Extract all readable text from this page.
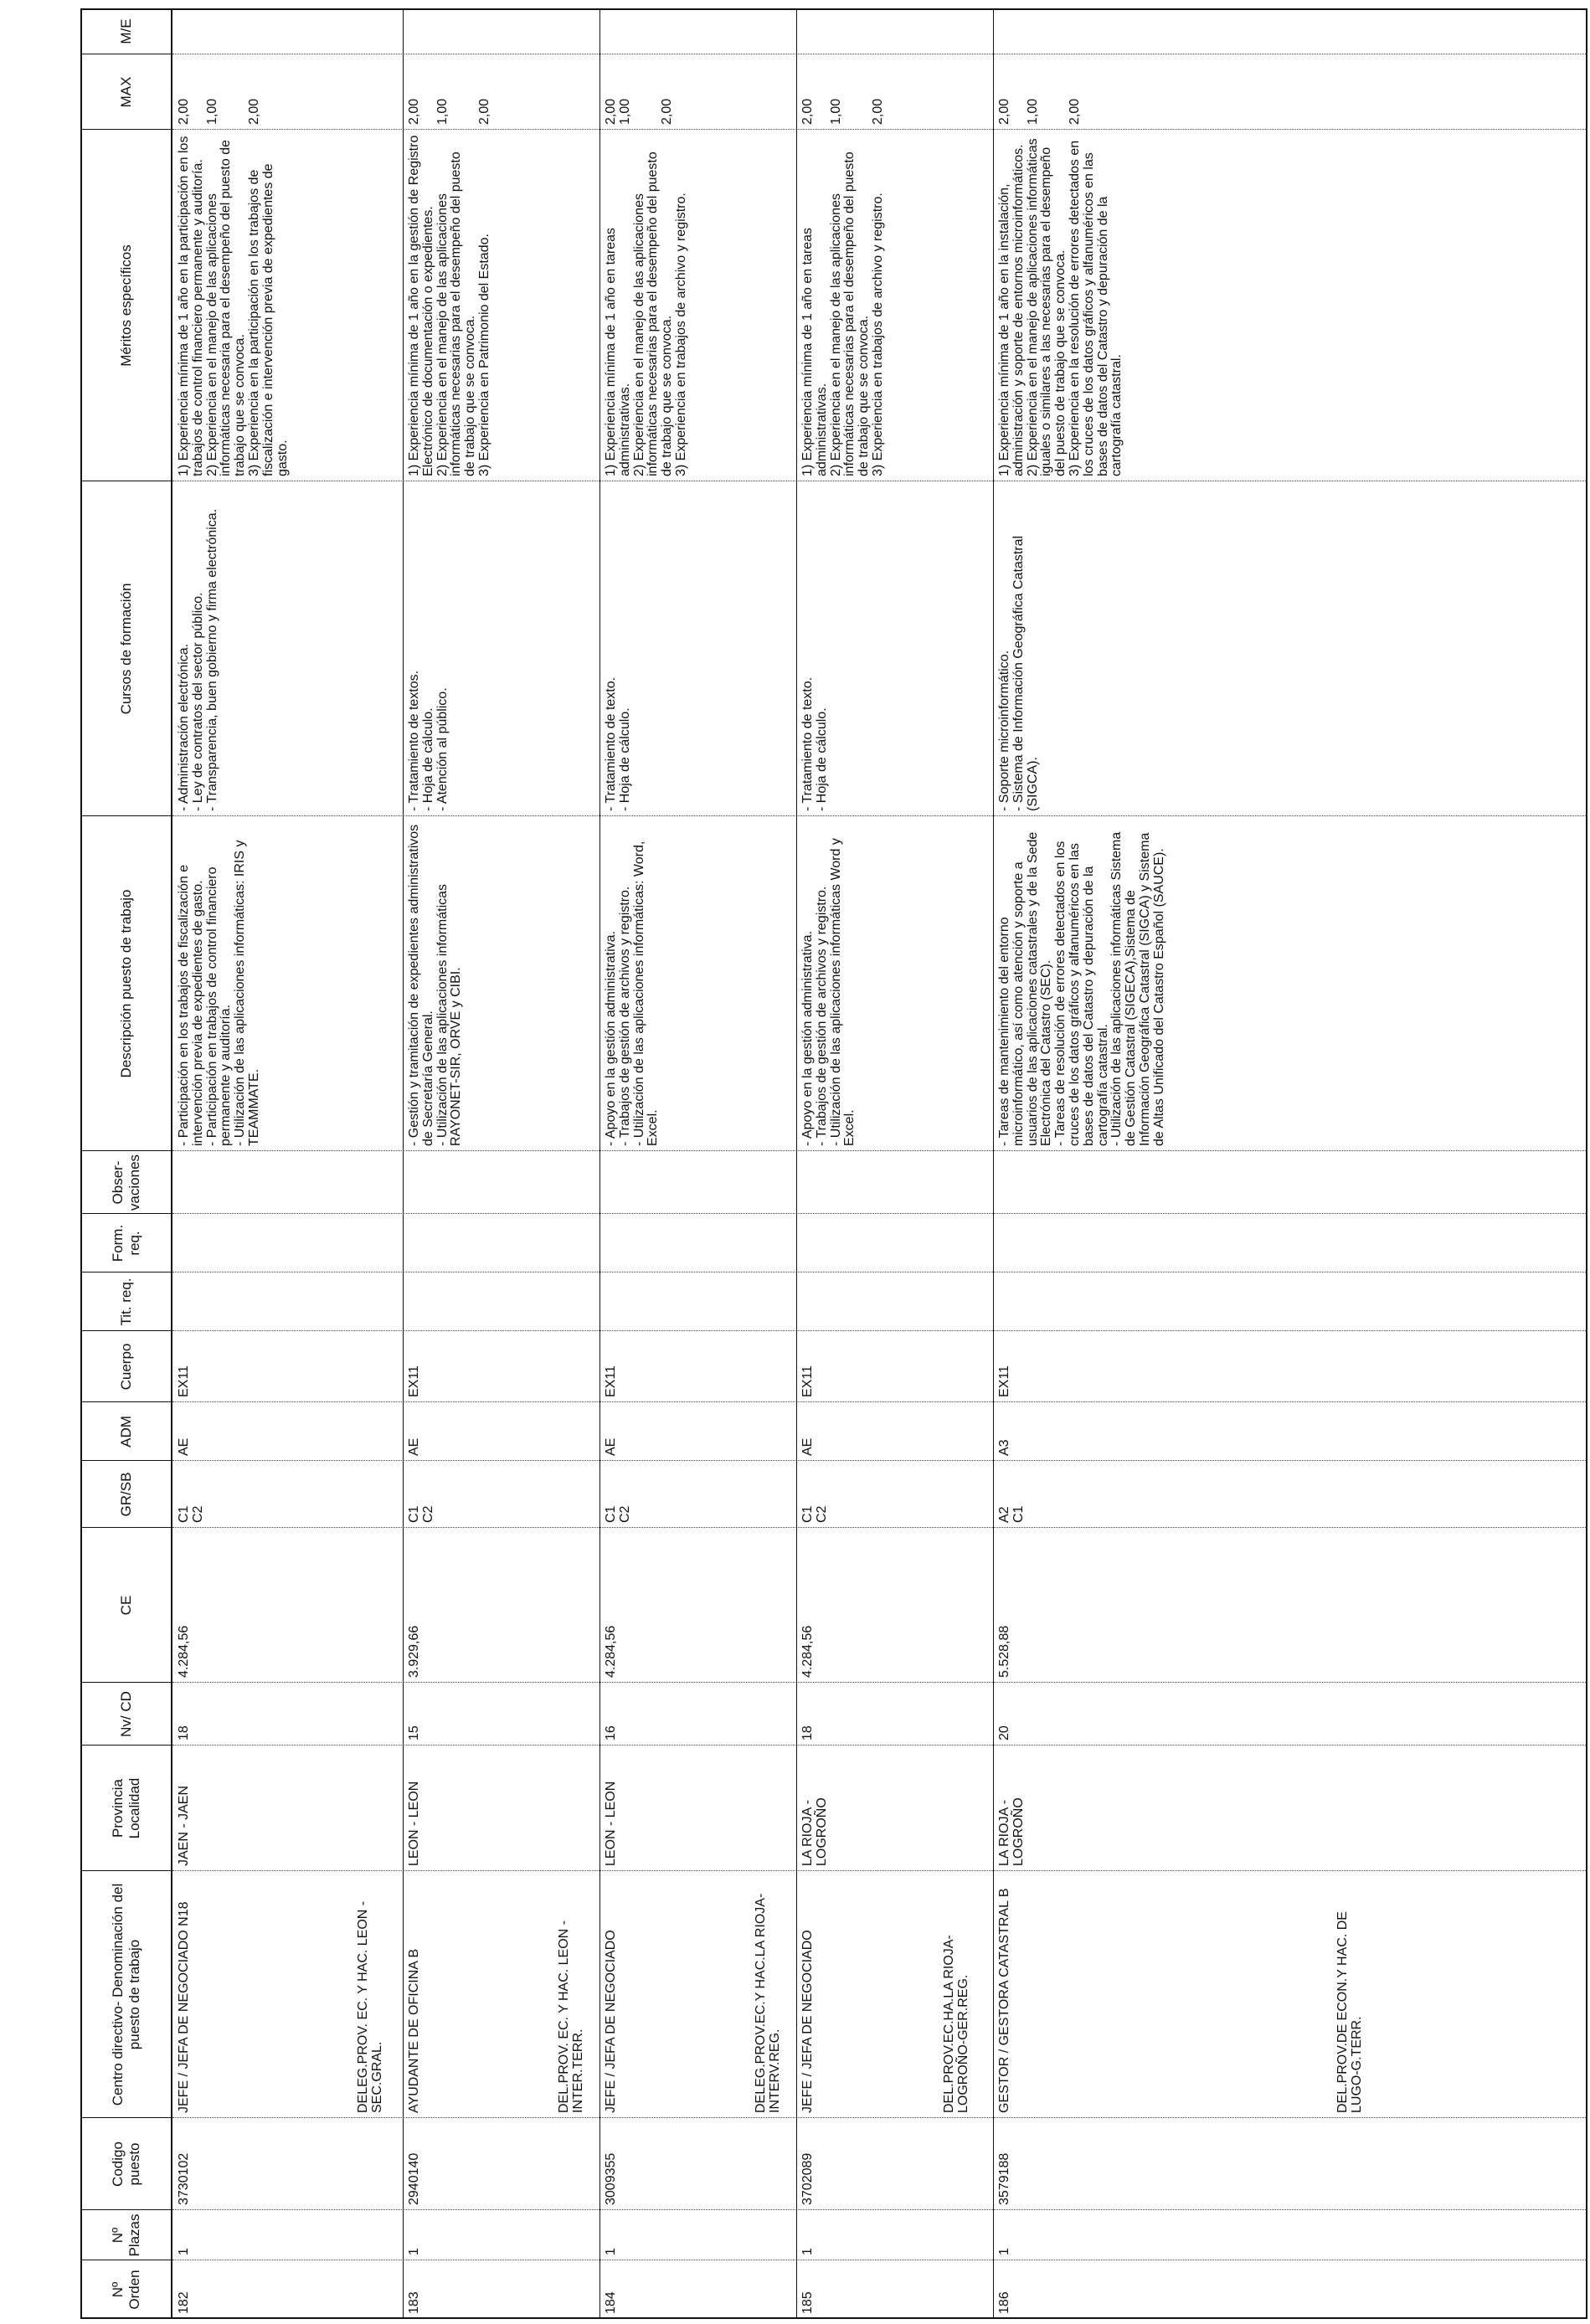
Nº Orden
Nº Plazas
Codigo puesto
Centro directivo- Denominación del puesto de trabajo
Provincia Localidad
Nv/ CD
CE
GR/SB
ADM
Cuerpo
Tit. req.
Form. req.
Obser- vaciones
Descripción puesto de trabajo
Cursos de formación
Méritos específicos
MAX
M/E
182
1
3730102
JEFE / JEFA DE NEGOCIADO N18
JAEN - JAEN
18
4.284,56
C1
C2
AE
EX11
- Participación en los trabajos de fiscalización e intervención previa de expedientes de gasto.
- Participación en trabajos de control financiero permanente y auditoría.
- Utilización de las aplicaciones informáticas: IRIS y TEAMMATE.
- Administración electrónica.
- Ley de contratos del sector público.
- Transparencia, buen gobierno y firma electrónica.
1) Experiencia mínima de 1 año en la participación en los trabajos de control financiero permanente y auditoría.
2) Experiencia en el manejo de las aplicaciones informáticas necesaria para el desempeño del puesto de trabajo que se convoca.
3) Experiencia en la participación en los trabajos de fiscalización e intervención previa de expedientes de gasto.
2,00

1,00

2,00
183
1
2940140
AYUDANTE DE OFICINA B
LEON - LEON
15
3.929,66
C1
C2
AE
EX11
- Gestión y tramitación de expedientes administrativos de Secretaría General.
- Utilización de las aplicaciones informáticas RAYONET-SIR, ORVE y CIBI.
- Tratamiento de textos.
- Hoja de cálculo.
- Atención al público.
1) Experiencia mínima de 1 año en la gestión de Registro Electrónico de documentación o expedientes.
2) Experiencia en el manejo de las aplicaciones informáticas necesarias para el desempeño del puesto de trabajo que se convoca.
3) Experiencia en Patrimonio del Estado.
2,00

1,00

2,00
DELEG.PROV. EC. Y HAC. LEON - SEC.GRAL.
184
1
3009355
JEFE / JEFA DE NEGOCIADO
LEON - LEON
16
4.284,56
C1
C2
AE
EX11
- Apoyo en la gestión administrativa.
- Trabajos de gestión de archivos y registro.
- Utilización de las aplicaciones informáticas: Word, Excel.
- Tratamiento de texto.
- Hoja de cálculo.
1) Experiencia mínima de 1 año en tareas administrativas.
2) Experiencia en el manejo de las aplicaciones informáticas necesarias para el desempeño del puesto de trabajo que se convoca.
3) Experiencia en trabajos de archivo y registro.
2,00
1,00

2,00
DEL.PROV. EC. Y HAC. LEON - INTER.TERR.
185
1
3702089
JEFE / JEFA DE NEGOCIADO
LA RIOJA - LOGROÑO
18
4.284,56
C1
C2
AE
EX11
- Apoyo en la gestión administrativa.
- Trabajos de gestión de archivos y registro.
- Utilización de las aplicaciones informáticas Word y Excel.
- Tratamiento de texto.
- Hoja de cálculo.
1) Experiencia mínima de 1 año en tareas administrativas.
2) Experiencia en el manejo de las aplicaciones informáticas necesarias para el desempeño del puesto de trabajo que se convoca.
3) Experiencia en trabajos de archivo y registro.
2,00

1,00

2,00
DELEG.PROV.EC.Y HAC.LA RIOJA-INTERV.REG.
186
1
3579188
GESTOR / GESTORA CATASTRAL B
LA RIOJA - LOGROÑO
20
5.528,88
A2
C1
A3
EX11
- Tareas de mantenimiento del entorno microinformático, así como atención y soporte a usuarios de las aplicaciones catastrales y de la Sede Electrónica del Catastro (SEC).
- Tareas de resolución de errores detectados en los cruces de los datos gráficos y alfanuméricos en las bases de datos del Catastro y depuración de la cartografía catastral.
- Utilización de las aplicaciones informáticas Sistema de Gestión Catastral (SIGECA),Sistema de Información Geográfica Catastral (SIGCA) y Sistema de Altas Unificado del Catastro Español (SAUCE).
- Soporte microinformático.
- Sistema de Información Geográfica Catastral (SIGCA).
1) Experiencia mínima de 1 año en la instalación, administración y soporte de entornos microinformáticos.
2) Experiencia en el manejo de aplicaciones informáticas iguales o similares a las necesarias para el desempeño del puesto de trabajo que se convoca.
3) Experiencia en la resolución de errores detectados en los cruces de los datos gráficos y alfanuméricos en las bases de datos del Catastro y depuración de la cartografía catastral.
2,00

1,00

2,00
DEL.PROV.EC.HA.LA RIOJA-LOGROÑO-GER.REG.	DEL.PROV.DE ECON.Y HAC. DE LUGO-G.TERR.
